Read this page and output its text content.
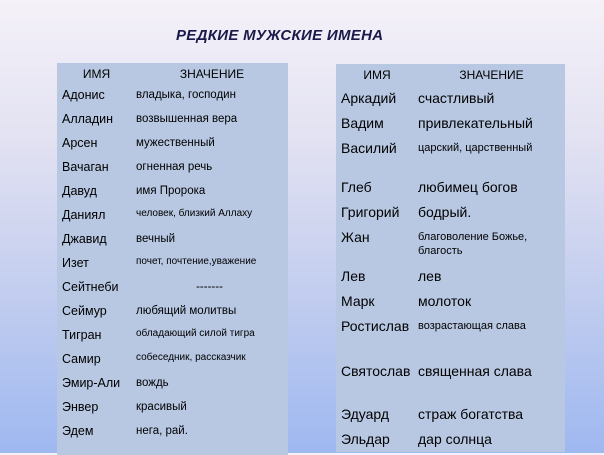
РЕДКИЕ МУЖСКИЕ ИМЕНА
ИМЯ	ЗНАЧЕНИЕ
Адонис	владыка, господин
Алладин	возвышенная вера
Арсен	мужественный
Вачаган	огненная речь
Давуд	имя Пророка
Даниял	человек, близкий Аллаху
Джавид	вечный
Изет	почет, почтение,уважение
Сейтнеби	-------
Сеймур	любящий молитвы
Тигран	обладающий силой тигра
Самир	собеседник, рассказчик
Эмир-Али	вождь
Энвер	красивый
Эдем	нега, рай.
ИМЯ	ЗНАЧЕНИЕ
Аркадий	счастливый
Вадим	привлекательный
Василий	царский, царственный
Глеб	любимец богов
Григорий	бодрый.
Жан	благоволение Божье, благость
Лев	лев
Марк	молоток
Ростислав	возрастающая слава
Святослав	священная слава
Эдуард	страж богатства
Эльдар	дар солнца
